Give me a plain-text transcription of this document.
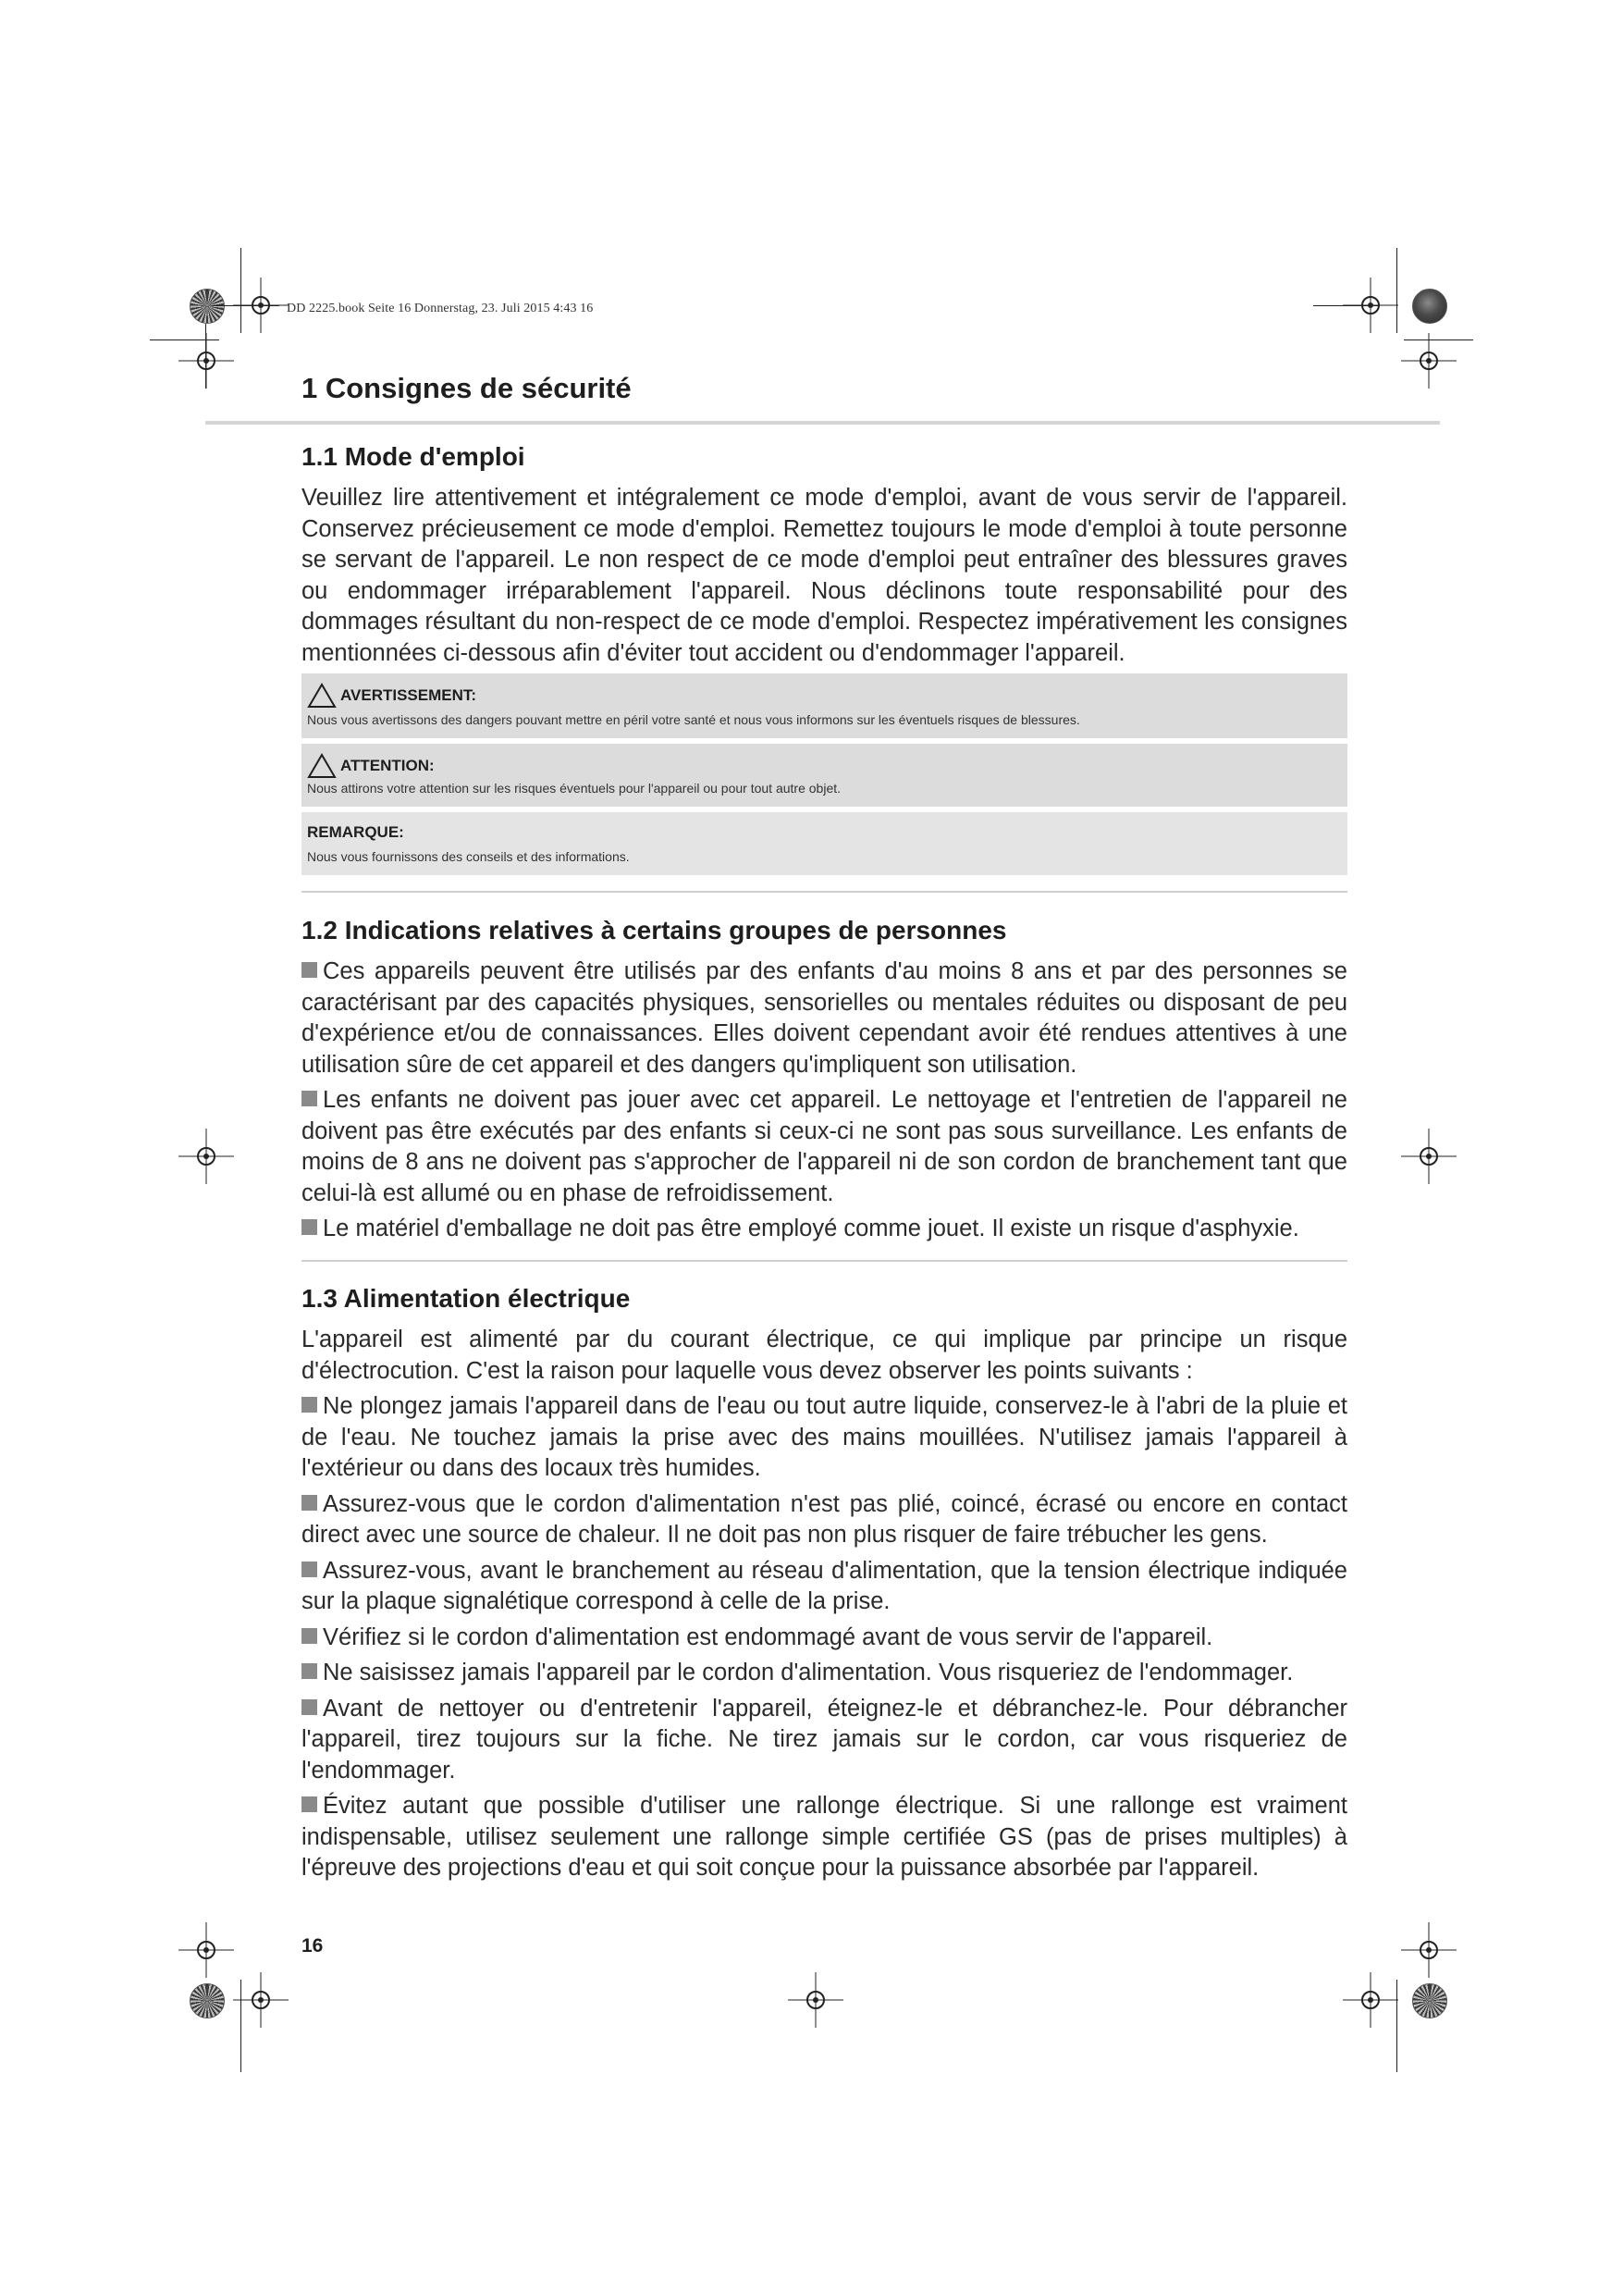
DD 2225.book Seite 16 Donnerstag, 23. Juli 2015 4:43 16
1 Consignes de sécurité
1.1 Mode d'emploi

Veuillez lire attentivement et intégralement ce mode d'emploi, avant de vous servir de l'appareil. Conservez précieusement ce mode d'emploi. Remettez toujours le mode d'emploi à toute personne se servant de l'appareil. Le non respect de ce mode d'emploi peut entraîner des blessures graves ou endommager irréparablement l'appareil. Nous déclinons toute responsabilité pour des dommages résultant du non-respect de ce mode d'emploi. Respectez impérativement les consignes mentionnées ci-dessous afin d'éviter tout accident ou d'endommager l'appareil.

AVERTISSEMENT:
Nous vous avertissons des dangers pouvant mettre en péril votre santé et nous vous informons sur les éventuels risques de blessures.
ATTENTION:
Nous attirons votre attention sur les risques éventuels pour l'appareil ou pour tout autre objet.
REMARQUE:
Nous vous fournissons des conseils et des informations.
1.2 Indications relatives à certains groupes de personnes

Ces appareils peuvent être utilisés par des enfants d'au moins 8 ans et par des personnes se caractérisant par des capacités physiques, sensorielles ou mentales réduites ou disposant de peu d'expérience et/ou de connaissances. Elles doivent cependant avoir été rendues attentives à une utilisation sûre de cet appareil et des dangers qu'impliquent son utilisation.

Les enfants ne doivent pas jouer avec cet appareil. Le nettoyage et l'entretien de l'appareil ne doivent pas être exécutés par des enfants si ceux-ci ne sont pas sous surveillance. Les enfants de moins de 8 ans ne doivent pas s'approcher de l'appareil ni de son cordon de branchement tant que celui-là est allumé ou en phase de refroidissement.

Le matériel d'emballage ne doit pas être employé comme jouet. Il existe un risque d'asphyxie.

1.3 Alimentation électrique

L'appareil est alimenté par du courant électrique, ce qui implique par principe un risque d'électrocution. C'est la raison pour laquelle vous devez observer les points suivants :

Ne plongez jamais l'appareil dans de l'eau ou tout autre liquide, conservez-le à l'abri de la pluie et de l'eau. Ne touchez jamais la prise avec des mains mouillées. N'utilisez jamais l'appareil à l'extérieur ou dans des locaux très humides.

Assurez-vous que le cordon d'alimentation n'est pas plié, coincé, écrasé ou encore en contact direct avec une source de chaleur. Il ne doit pas non plus risquer de faire trébucher les gens.

Assurez-vous, avant le branchement au réseau d'alimentation, que la tension électrique indiquée sur la plaque signalétique correspond à celle de la prise.

Vérifiez si le cordon d'alimentation est endommagé avant de vous servir de l'appareil.

Ne saisissez jamais l'appareil par le cordon d'alimentation. Vous risqueriez de l'endommager.

Avant de nettoyer ou d'entretenir l'appareil, éteignez-le et débranchez-le. Pour débrancher l'appareil, tirez toujours sur la fiche. Ne tirez jamais sur le cordon, car vous risqueriez de l'endommager.

Évitez autant que possible d'utiliser une rallonge électrique. Si une rallonge est vraiment indispensable, utilisez seulement une rallonge simple certifiée GS (pas de prises multiples) à l'épreuve des projections d'eau et qui soit conçue pour la puissance absorbée par l'appareil.

16
